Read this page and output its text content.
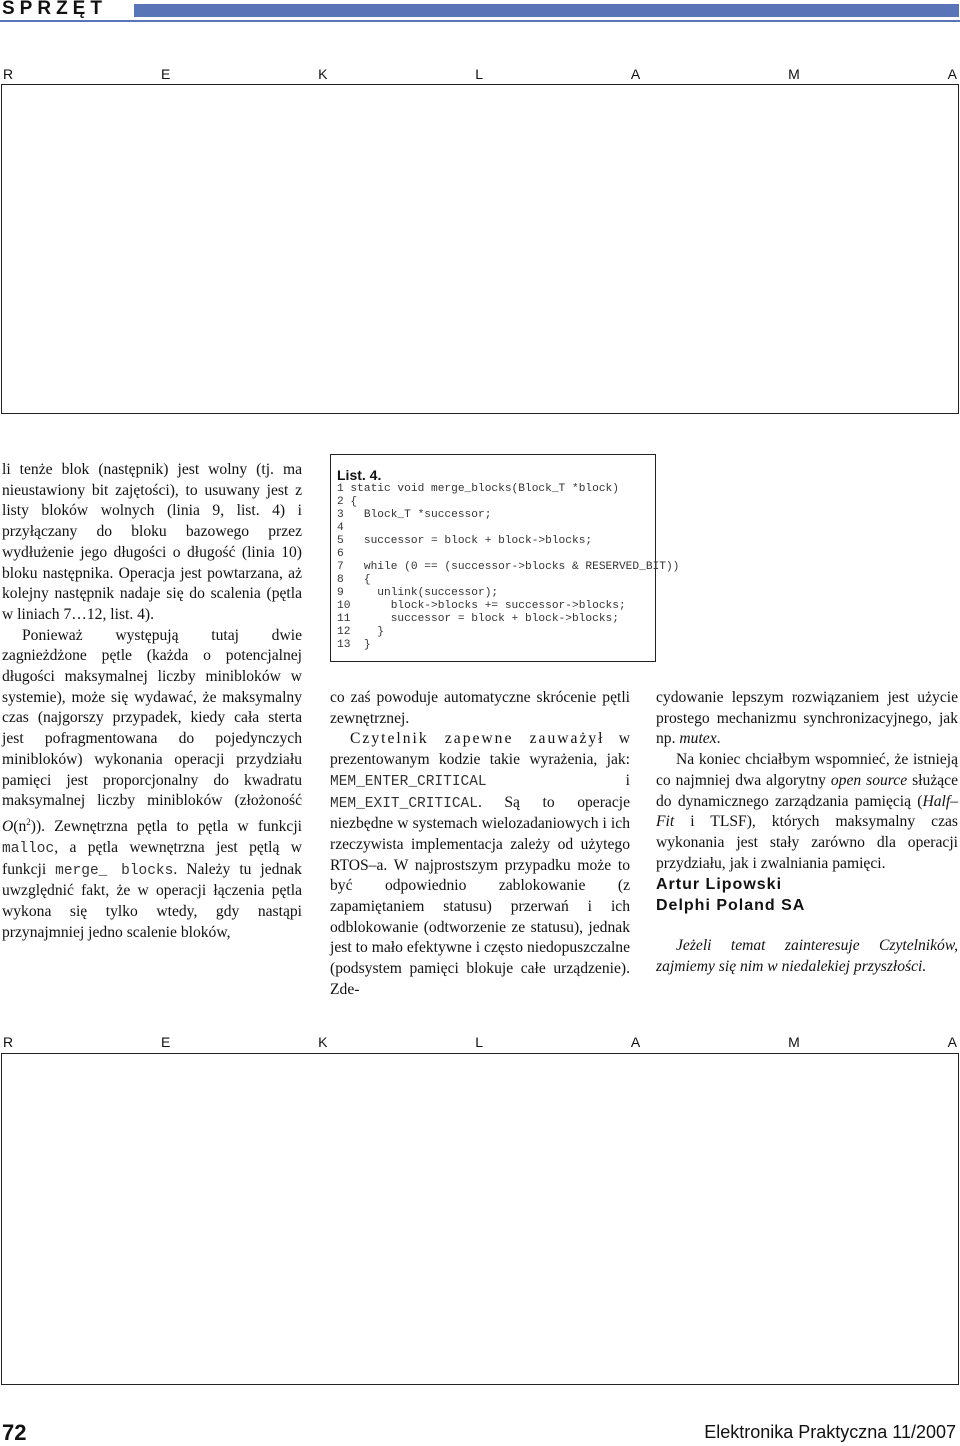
SPRZĘT
R	E	K	L	A	M	A

li tenże blok (następnik) jest wolny (tj. ma nieustawiony bit zajętości), to usuwany jest z listy bloków wolnych (linia 9, list. 4) i przyłączany do bloku bazowego przez wydłużenie jego długości o długość (linia 10) bloku następnika. Operacja jest powtarzana, aż kolejny następnik nadaje się do scalenia (pętla w liniach 7…12, list. 4).

Ponieważ występują tutaj dwie zagnieżdżone pętle (każda o potencjalnej długości maksymalnej liczby minibloków w systemie), może się wydawać, że maksymalny czas (najgorszy przypadek, kiedy cała sterta jest pofragmentowana do pojedynczych minibloków) wykonania operacji przydziału pamięci jest proporcjonalny do kwadratu maksymalnej liczby minibloków (złożoność $O(n^2)$). Zewnętrzna pętla to pętla w funkcji malloc, a pętla wewnętrzna jest pętlą w funkcji merge_ blocks. Należy tu jednak uwzględnić fakt, że w operacji łączenia pętla wykona się tylko wtedy, gdy nastąpi przynajmniej jedno scalenie bloków,

List. 4.
1 static void merge_blocks(Block_T *block)
2 {
3   Block_T *successor;
4
5   successor = block + block->blocks;
6
7   while (0 == (successor->blocks & RESERVED_BIT))
8   {
9     unlink(successor);
10      block->blocks += successor->blocks;
11      successor = block + block->blocks;
12    }
13  }

co zaś powoduje automatyczne skrócenie pętli zewnętrznej.

Czytelnik zapewne zauważył w prezentowanym kodzie takie wyrażenia, jak: MEM_ENTER_CRITICAL i MEM_EXIT_CRITICAL. Są to operacje niezbędne w systemach wielozadaniowych i ich rzeczywista implementacja zależy od użytego RTOS–a. W najprostszym przypadku może to być odpowiednio zablokowanie (z zapamiętaniem statusu) przerwań i ich odblokowanie (odtworzenie ze statusu), jednak jest to mało efektywne i często niedopuszczalne (podsystem pamięci blokuje całe urządzenie). Zde-

cydowanie lepszym rozwiązaniem jest użycie prostego mechanizmu synchronizacyjnego, jak np. mutex.

Na koniec chciałbym wspomnieć, że istnieją co najmniej dwa algorytny open source służące do dynamicznego zarządzania pamięcią (Half–Fit i TLSF), których maksymalny czas wykonania jest stały zarówno dla operacji przydziału, jak i zwalniania pamięci.

Artur Lipowski
Delphi Poland SA

Jeżeli temat zainteresuje Czytelników, zajmiemy się nim w niedalekiej przyszłości.

R	E	K	L	A	M	A
72	Elektronika Praktyczna 11/2007
